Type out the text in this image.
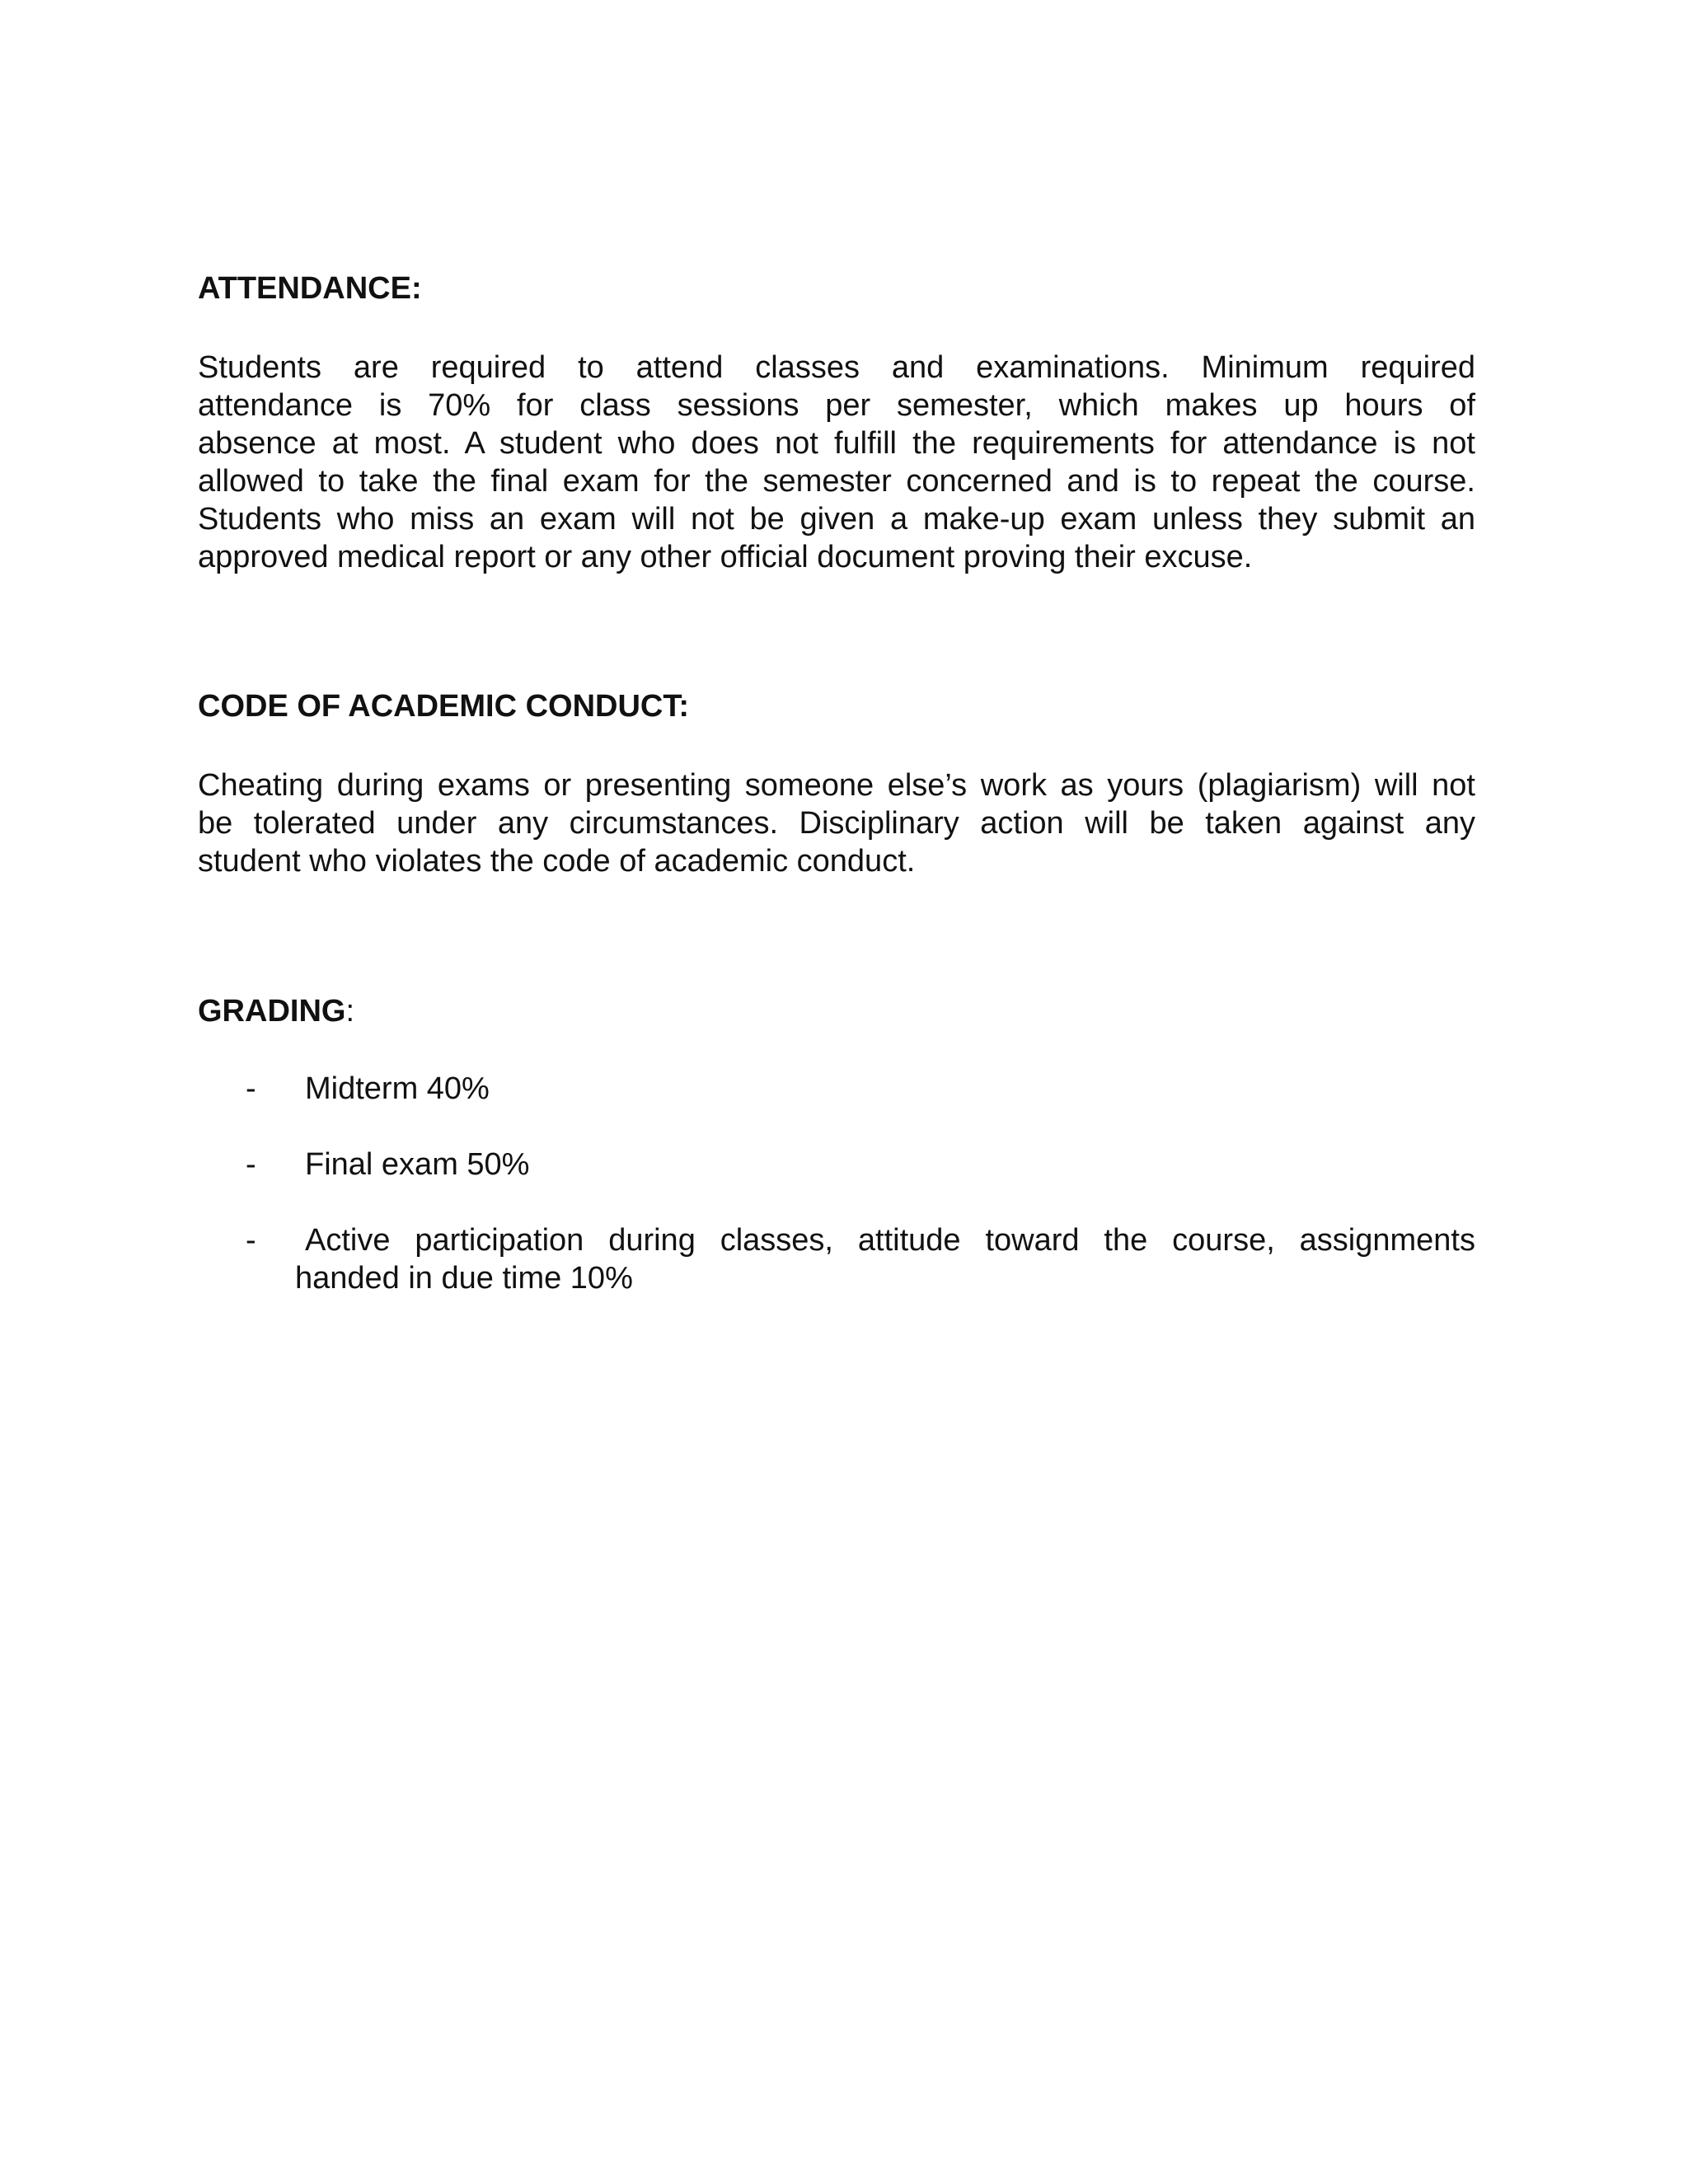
ATTENDANCE:

Students are required to attend classes and examinations. Minimum required
attendance is 70% for class sessions per semester, which makes up hours of
absence at most. A student who does not fulfill the requirements for attendance is not
allowed to take the final exam for the semester concerned and is to repeat the course.
Students who miss an exam will not be given a make-up exam unless they submit an
approved medical report or any other official document proving their excuse.

CODE OF ACADEMIC CONDUCT:

Cheating during exams or presenting someone else’s work as yours (plagiarism) will not
be tolerated under any circumstances. Disciplinary action will be taken against any
student who violates the code of academic conduct.

GRADING:
- Midterm 40%
- Final exam 50%
-	Active participation during classes, attitude toward the course, assignments
handed in due time 10%
